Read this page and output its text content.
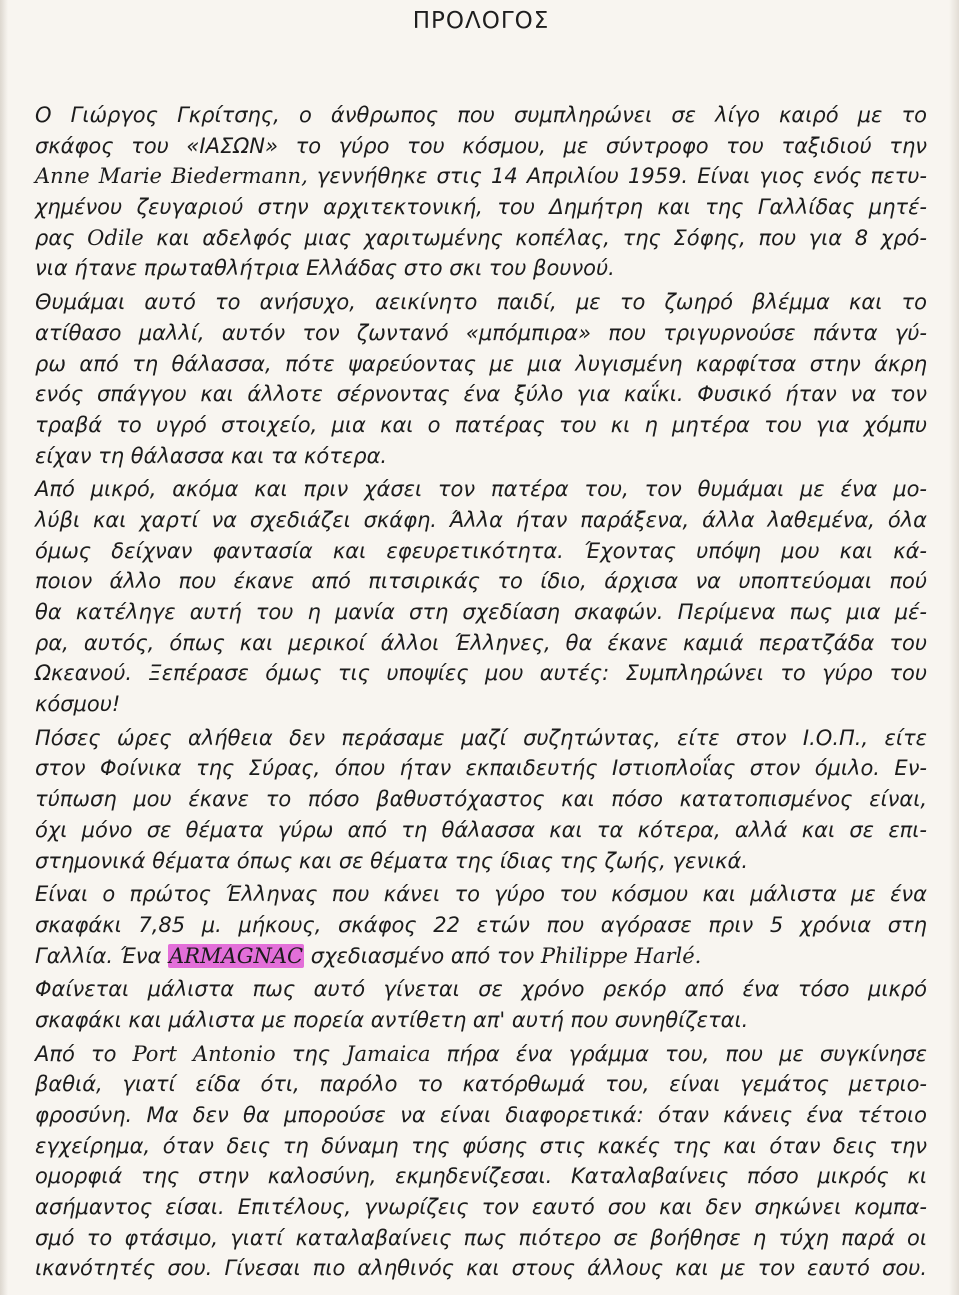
ΠΡΟΛΟΓΟΣ
Ο Γιώργος Γκρίτσης, ο άνθρωπος που συμπληρώνει σε λίγο καιρό με το
σκάφος του «ΙΑΣΩΝ» το γύρο του κόσμου, με σύντροφο του ταξιδιού την
Anne Marie Biedermann, γεννήθηκε στις 14 Απριλίου 1959. Είναι γιος ενός πετυ-
χημένου ζευγαριού στην αρχιτεκτονική, του Δημήτρη και της Γαλλίδας μητέ-
ρας Odile και αδελφός μιας χαριτωμένης κοπέλας, της Σόφης, που για 8 χρό-
νια ήτανε πρωταθλήτρια Ελλάδας στο σκι του βουνού.
Θυμάμαι αυτό το ανήσυχο, αεικίνητο παιδί, με το ζωηρό βλέμμα και το
ατίθασο μαλλί, αυτόν τον ζωντανό «μπόμπιρα» που τριγυρνούσε πάντα γύ-
ρω από τη θάλασσα, πότε ψαρεύοντας με μια λυγισμένη καρφίτσα στην άκρη
ενός σπάγγου και άλλοτε σέρνοντας ένα ξύλο για καΐκι. Φυσικό ήταν να τον
τραβά το υγρό στοιχείο, μια και ο πατέρας του κι η μητέρα του για χόμπυ
είχαν τη θάλασσα και τα κότερα.
Από μικρό, ακόμα και πριν χάσει τον πατέρα του, τον θυμάμαι με ένα μο-
λύβι και χαρτί να σχεδιάζει σκάφη. Άλλα ήταν παράξενα, άλλα λαθεμένα, όλα
όμως δείχναν φαντασία και εφευρετικότητα. Έχοντας υπόψη μου και κά-
ποιον άλλο που έκανε από πιτσιρικάς το ίδιο, άρχισα να υποπτεύομαι πού
θα κατέληγε αυτή του η μανία στη σχεδίαση σκαφών. Περίμενα πως μια μέ-
ρα, αυτός, όπως και μερικοί άλλοι Έλληνες, θα έκανε καμιά περατζάδα του
Ωκεανού. Ξεπέρασε όμως τις υποψίες μου αυτές: Συμπληρώνει το γύρο του
κόσμου!
Πόσες ώρες αλήθεια δεν περάσαμε μαζί συζητώντας, είτε στον Ι.Ο.Π., είτε
στον Φοίνικα της Σύρας, όπου ήταν εκπαιδευτής Ιστιοπλοΐας στον όμιλο. Εν-
τύπωση μου έκανε το πόσο βαθυστόχαστος και πόσο κατατοπισμένος είναι,
όχι μόνο σε θέματα γύρω από τη θάλασσα και τα κότερα, αλλά και σε επι-
στημονικά θέματα όπως και σε θέματα της ίδιας της ζωής, γενικά.
Είναι ο πρώτος Έλληνας που κάνει το γύρο του κόσμου και μάλιστα με ένα
σκαφάκι 7,85 μ. μήκους, σκάφος 22 ετών που αγόρασε πριν 5 χρόνια στη
Γαλλία. Ένα ARMAGNAC σχεδιασμένο από τον Philippe Harlé.
Φαίνεται μάλιστα πως αυτό γίνεται σε χρόνο ρεκόρ από ένα τόσο μικρό
σκαφάκι και μάλιστα με πορεία αντίθετη απ' αυτή που συνηθίζεται.
Από το Port Antonio της Jamaica πήρα ένα γράμμα του, που με συγκίνησε
βαθιά, γιατί είδα ότι, παρόλο το κατόρθωμά του, είναι γεμάτος μετριο-
φροσύνη. Μα δεν θα μπορούσε να είναι διαφορετικά: όταν κάνεις ένα τέτοιο
εγχείρημα, όταν δεις τη δύναμη της φύσης στις κακές της και όταν δεις την
ομορφιά της στην καλοσύνη, εκμηδενίζεσαι. Καταλαβαίνεις πόσο μικρός κι
ασήμαντος είσαι. Επιτέλους, γνωρίζεις τον εαυτό σου και δεν σηκώνει κομπα-
σμό το φτάσιμο, γιατί καταλαβαίνεις πως πιότερο σε βοήθησε η τύχη παρά οι
ικανότητές σου. Γίνεσαι πιο αληθινός και στους άλλους και με τον εαυτό σου.
